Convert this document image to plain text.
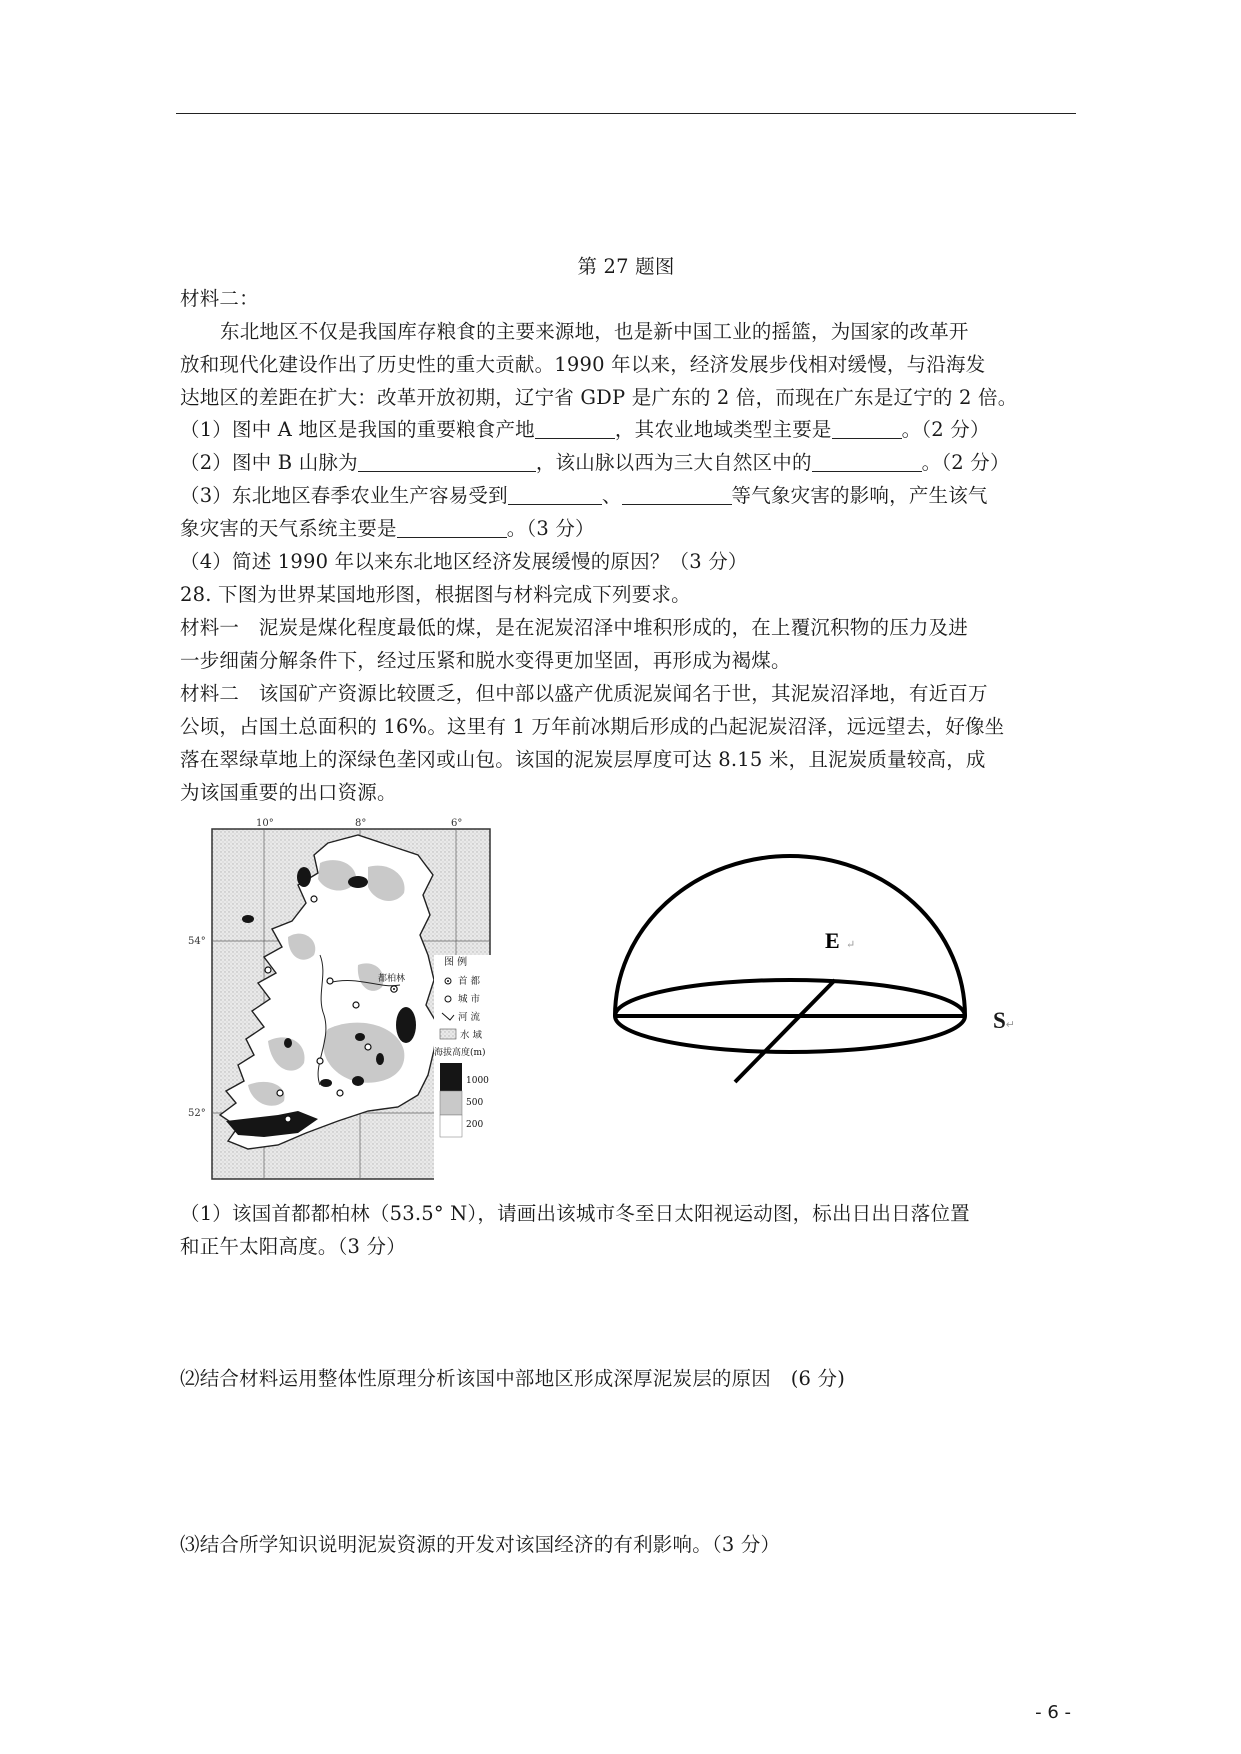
第 27 题图
材料二：
东北地区不仅是我国库存粮食的主要来源地，也是新中国工业的摇篮，为国家的改革开
放和现代化建设作出了历史性的重大贡献。1990 年以来，经济发展步伐相对缓慢，与沿海发
达地区的差距在扩大：改革开放初期，辽宁省 GDP 是广东的 2 倍，而现在广东是辽宁的 2 倍。
（1）图中 A 地区是我国的重要粮食产地	，其农业地域类型主要是	。（2 分）
（2）图中 B 山脉为	，该山脉以西为三大自然区中的	。（2 分）
（3）东北地区春季农业生产容易受到	、	等气象灾害的影响，产生该气
象灾害的天气系统主要是	。（3 分）
（4）简述 1990 年以来东北地区经济发展缓慢的原因？（3 分）
28. 下图为世界某国地形图，根据图与材料完成下列要求。
材料一　泥炭是煤化程度最低的煤，是在泥炭沼泽中堆积形成的，在上覆沉积物的压力及进
一步细菌分解条件下，经过压紧和脱水变得更加坚固，再形成为褐煤。
材料二　该国矿产资源比较匮乏，但中部以盛产优质泥炭闻名于世，其泥炭沼泽地，有近百万
公顷，占国土总面积的 16%。这里有 1 万年前冰期后形成的凸起泥炭沼泽，远远望去，好像坐
落在翠绿草地上的深绿色垄冈或山包。该国的泥炭层厚度可达 8.15 米，且泥炭质量较高，成
为该国重要的出口资源。
10°	8°	6°
54°
52°
都柏林
图 例
首 都
城 市
河 流
水 域
海拔高度(m)
1000
500
200
E ↵
S↵
（1）该国首都都柏林（53.5° N），请画出该城市冬至日太阳视运动图，标出日出日落位置
和正午太阳高度。（3 分）
⑵结合材料运用整体性原理分析该国中部地区形成深厚泥炭层的原因　(6 分)
⑶结合所学知识说明泥炭资源的开发对该国经济的有利影响。（3 分）
- 6 -
